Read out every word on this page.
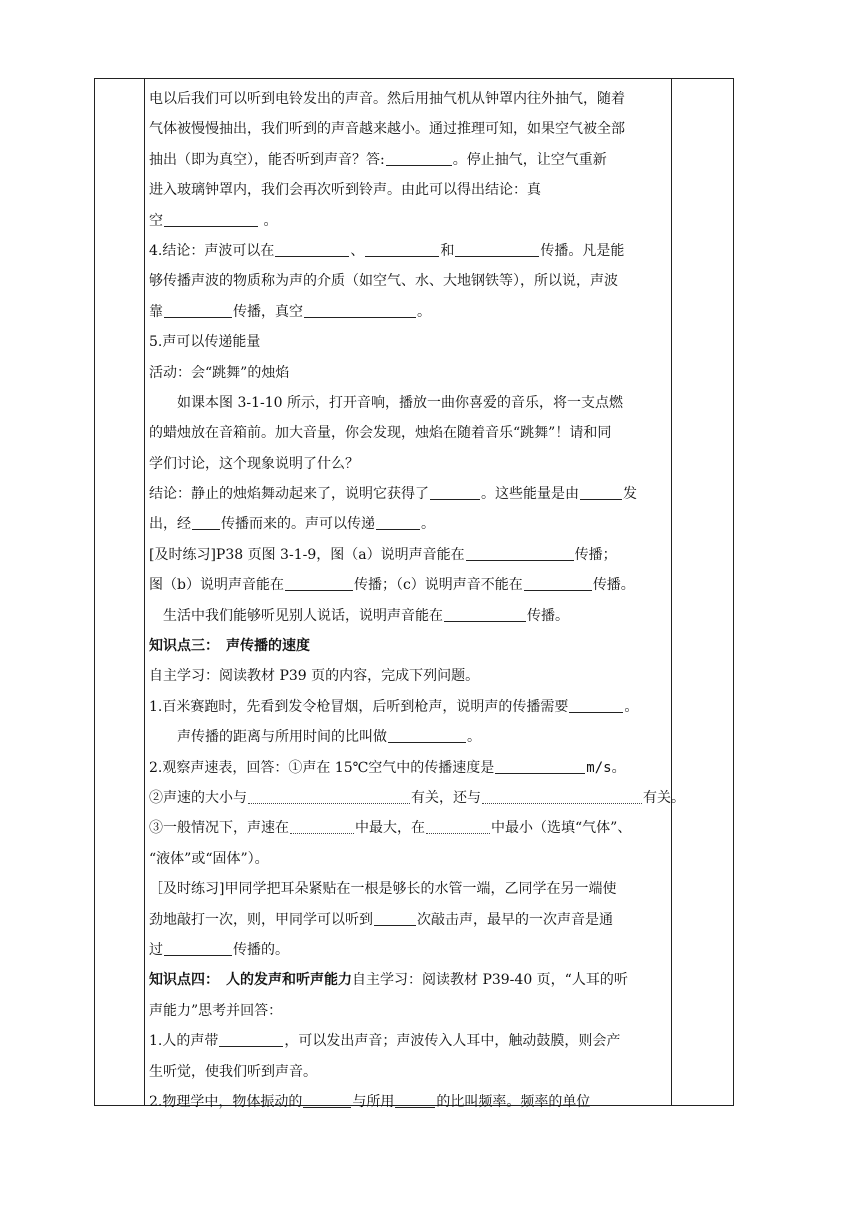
电以后我们可以听到电铃发出的声音。然后用抽气机从钟罩内往外抽气，随着
气体被慢慢抽出，我们听到的声音越来越小。通过推理可知，如果空气被全部
抽出（即为真空），能否听到声音？答:	。停止抽气，让空气重新
进入玻璃钟罩内，我们会再次听到铃声。由此可以得出结论：真
空	。
4.结论：声波可以在	、	和	传播。凡是能
够传播声波的物质称为声的介质（如空气、水、大地钢铁等），所以说，声波
靠	传播，真空	。
5.声可以传递能量
活动：会“跳舞”的烛焰
如课本图 3-1-10 所示，打开音响，播放一曲你喜爱的音乐，将一支点燃
的蜡烛放在音箱前。加大音量，你会发现，烛焰在随着音乐“跳舞”！请和同
学们讨论，这个现象说明了什么？
结论：静止的烛焰舞动起来了，说明它获得了	。这些能量是由	发
出，经 传播而来的。声可以传递	。
[及时练习]P38 页图 3-1-9，图（a）说明声音能在	传播；
图（b）说明声音能在	传播；（c）说明声音不能在	传播。
生活中我们能够听见别人说话，说明声音能在	传播。
知识点三：　声传播的速度
自主学习：阅读教材 P39 页的内容，完成下列问题。
1.百米赛跑时，先看到发令枪冒烟，后听到枪声，说明声的传播需要	。
声传播的距离与所用时间的比叫做	。
2.观察声速表，回答：①声在 15℃空气中的传播速度是	m/s。
②声速的大小与	有关，还与	有关。
③一般情况下，声速在	中最大，在	中最小（选填“气体”、
“液体”或“固体”）。
［及时练习]甲同学把耳朵紧贴在一根是够长的水管一端，乙同学在另一端使
劲地敲打一次，则，甲同学可以听到	次敲击声，最早的一次声音是通
过	传播的。
知识点四：　人的发声和听声能力自主学习：阅读教材 P39-40 页，“人耳的听
声能力”思考并回答：
1.人的声带	，可以发出声音；声波传入人耳中，触动鼓膜，则会产
生听觉，使我们听到声音。
2.物理学中，物体振动的	与所用	的比叫频率。频率的单位
